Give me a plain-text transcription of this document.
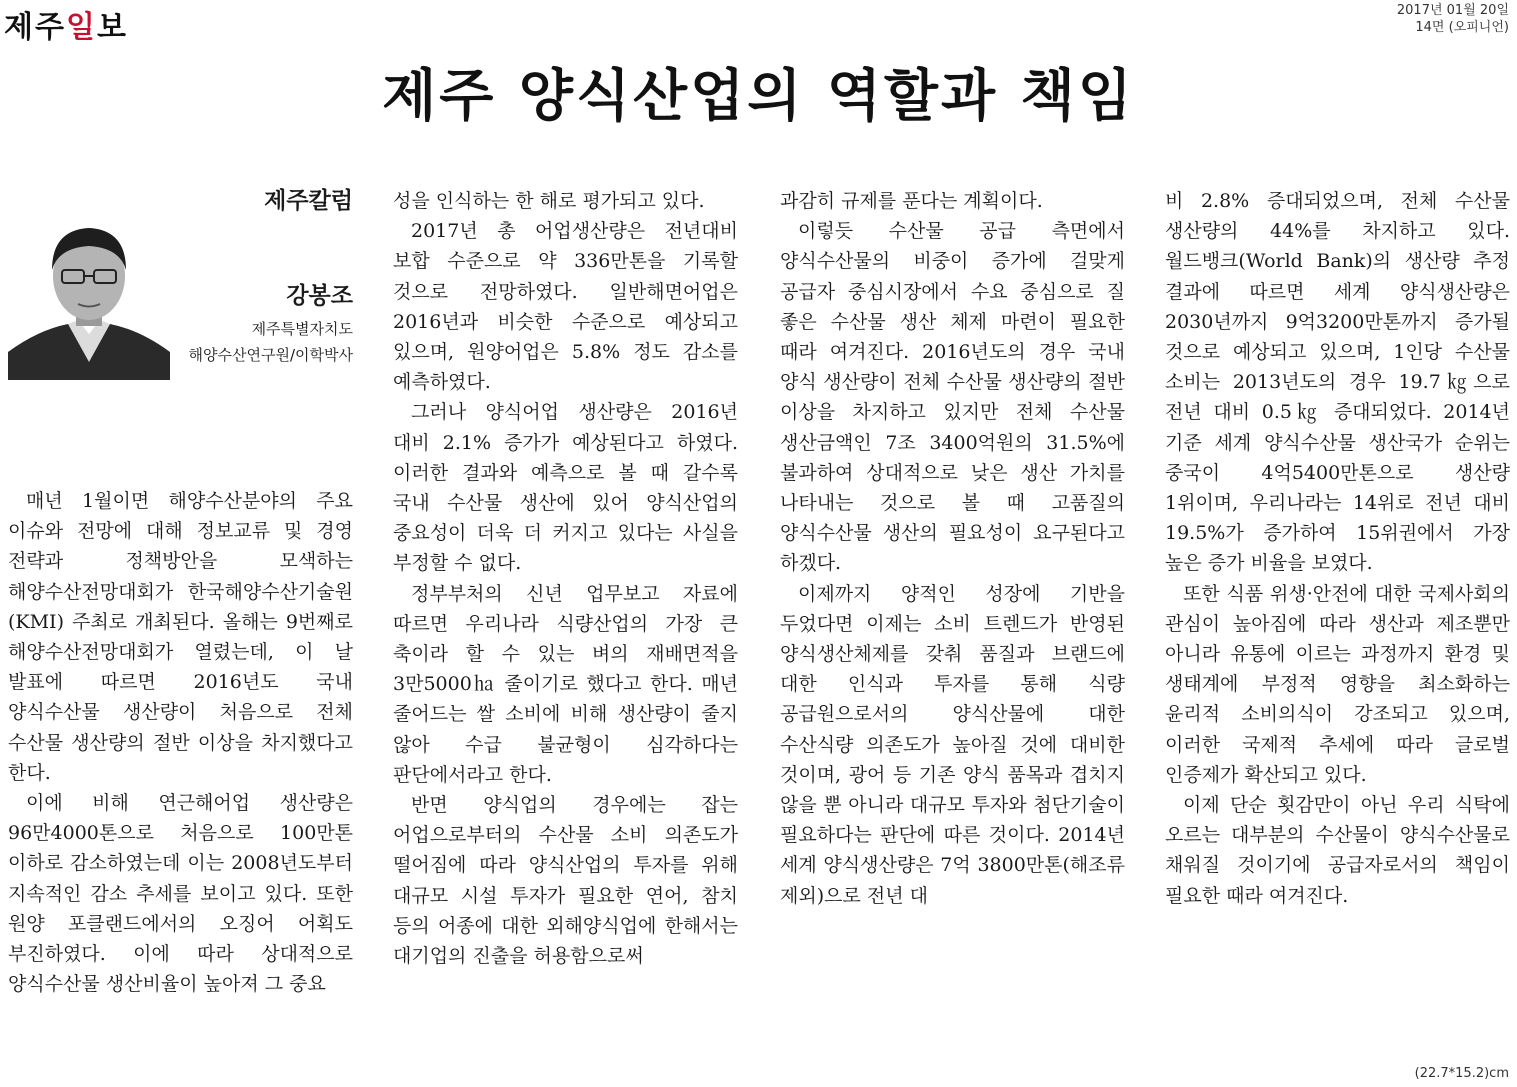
제주일보	2017년 01월 20일
14면 (오피니언)
제주 양식산업의 역할과 책임
제주칼럼
강봉조
제주특별자치도
해양수산연구원/이학박사

매년 1월이면 해양수산분야의 주요 이슈와 전망에 대해 정보교류 및 경영 전략과 정책방안을 모색하는 해양수산전망대회가 한국해양수산기술원(KMI) 주최로 개최된다. 올해는 9번째로 해양수산전망대회가 열렸는데, 이 날 발표에 따르면 2016년도 국내 양식수산물 생산량이 처음으로 전체 수산물 생산량의 절반 이상을 차지했다고 한다.

이에 비해 연근해어업 생산량은 96만4000톤으로 처음으로 100만톤 이하로 감소하였는데 이는 2008년도부터 지속적인 감소 추세를 보이고 있다. 또한 원양 포클랜드에서의 오징어 어획도 부진하였다. 이에 따라 상대적으로 양식수산물 생산비율이 높아져 그 중요

성을 인식하는 한 해로 평가되고 있다.

2017년 총 어업생산량은 전년대비 보합 수준으로 약 336만톤을 기록할 것으로 전망하였다. 일반해면어업은 2016년과 비슷한 수준으로 예상되고 있으며, 원양어업은 5.8% 정도 감소를 예측하였다.

그러나 양식어업 생산량은 2016년 대비 2.1% 증가가 예상된다고 하였다. 이러한 결과와 예측으로 볼 때 갈수록 국내 수산물 생산에 있어 양식산업의 중요성이 더욱 더 커지고 있다는 사실을 부정할 수 없다.

정부부처의 신년 업무보고 자료에 따르면 우리나라 식량산업의 가장 큰 축이라 할 수 있는 벼의 재배면적을 3만5000㏊ 줄이기로 했다고 한다. 매년 줄어드는 쌀 소비에 비해 생산량이 줄지 않아 수급 불균형이 심각하다는 판단에서라고 한다.

반면 양식업의 경우에는 잡는 어업으로부터의 수산물 소비 의존도가 떨어짐에 따라 양식산업의 투자를 위해 대규모 시설 투자가 필요한 연어, 참치 등의 어종에 대한 외해양식업에 한해서는 대기업의 진출을 허용함으로써

과감히 규제를 푼다는 계획이다.

이렇듯 수산물 공급 측면에서 양식수산물의 비중이 증가에 걸맞게 공급자 중심시장에서 수요 중심으로 질 좋은 수산물 생산 체제 마련이 필요한 때라 여겨진다. 2016년도의 경우 국내 양식 생산량이 전체 수산물 생산량의 절반 이상을 차지하고 있지만 전체 수산물 생산금액인 7조 3400억원의 31.5%에 불과하여 상대적으로 낮은 생산 가치를 나타내는 것으로 볼 때 고품질의 양식수산물 생산의 필요성이 요구된다고 하겠다.

이제까지 양적인 성장에 기반을 두었다면 이제는 소비 트렌드가 반영된 양식생산체제를 갖춰 품질과 브랜드에 대한 인식과 투자를 통해 식량 공급원으로서의 양식산물에 대한 수산식량 의존도가 높아질 것에 대비한 것이며, 광어 등 기존 양식 품목과 겹치지 않을 뿐 아니라 대규모 투자와 첨단기술이 필요하다는 판단에 따른 것이다. 2014년 세계 양식생산량은 7억 3800만톤(해조류 제외)으로 전년 대

비 2.8% 증대되었으며, 전체 수산물 생산량의 44%를 차지하고 있다. 월드뱅크(World Bank)의 생산량 추정 결과에 따르면 세계 양식생산량은 2030년까지 9억3200만톤까지 증가될 것으로 예상되고 있으며, 1인당 수산물 소비는 2013년도의 경우 19.7㎏으로 전년 대비 0.5㎏ 증대되었다. 2014년 기준 세계 양식수산물 생산국가 순위는 중국이 4억5400만톤으로 생산량 1위이며, 우리나라는 14위로 전년 대비 19.5%가 증가하여 15위권에서 가장 높은 증가 비율을 보였다.

또한 식품 위생·안전에 대한 국제사회의 관심이 높아짐에 따라 생산과 제조뿐만 아니라 유통에 이르는 과정까지 환경 및 생태계에 부정적 영향을 최소화하는 윤리적 소비의식이 강조되고 있으며, 이러한 국제적 추세에 따라 글로벌 인증제가 확산되고 있다.

이제 단순 횟감만이 아닌 우리 식탁에 오르는 대부분의 수산물이 양식수산물로 채워질 것이기에 공급자로서의 책임이 필요한 때라 여겨진다.

(22.7*15.2)cm
